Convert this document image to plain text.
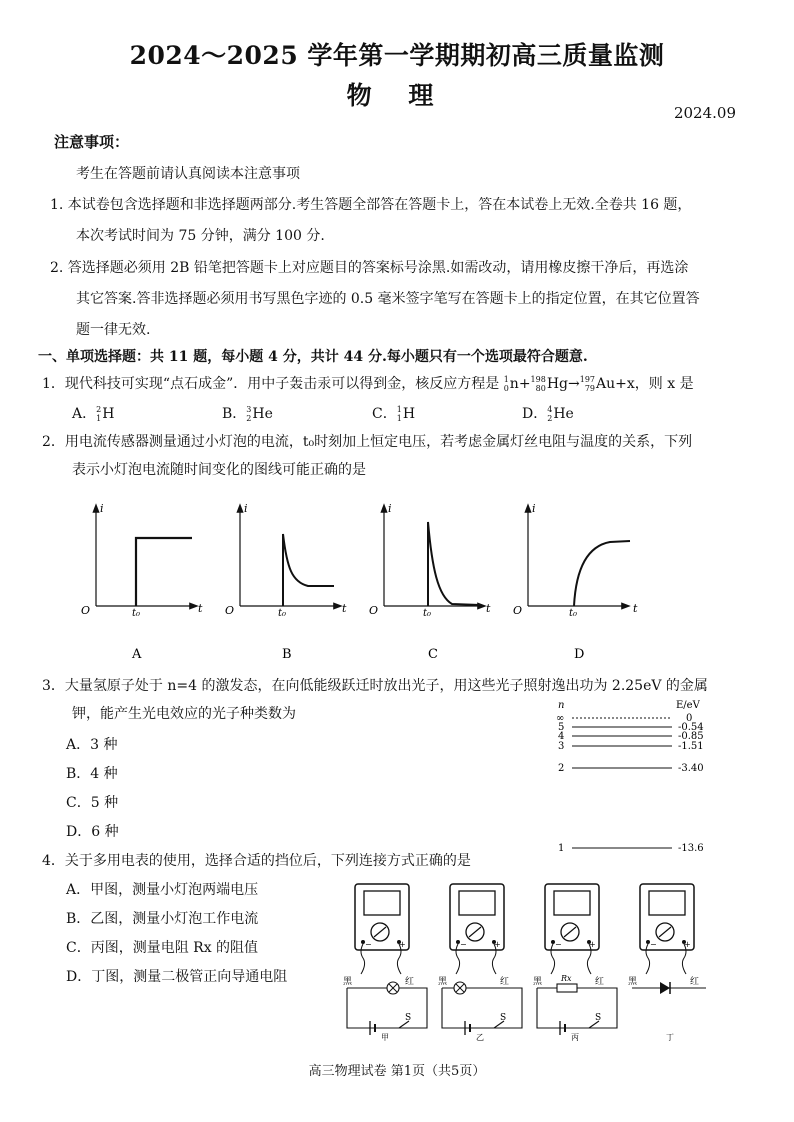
2024～2025 学年第一学期期初高三质量监测
物 理
2024.09
注意事项：
考生在答题前请认真阅读本注意事项
1. 本试卷包含选择题和非选择题两部分.考生答题全部答在答题卡上，答在本试卷上无效.全卷共 16 题，
本次考试时间为 75 分钟，满分 100 分.
2. 答选择题必须用 2B 铅笔把答题卡上对应题目的答案标号涂黑.如需改动，请用橡皮擦干净后，再选涂
其它答案.答非选择题必须用书写黑色字迹的 0.5 毫米签字笔写在答题卡上的指定位置，在其它位置答
题一律无效.
一、单项选择题：共 11 题，每小题 4 分，共计 44 分.每小题只有一个选项最符合题意.
1．现代科技可实现“点石成金”．用中子轰击汞可以得到金，核反应方程是 1
0 n+ 198
80 Hg→ 197
79 Au+x，则 x 是
A． 2
1 H	B． 3
2 He	C． 1
1 H	D． 4
2 He
2．用电流传感器测量通过小灯泡的电流，t₀时刻加上恒定电压，若考虑金属灯丝电阻与温度的关系，下列
表示小灯泡电流随时间变化的图线可能正确的是
i
t
O	t₀
A
i
t
O	t₀
B
i
t
O	t₀
C
i
t
O	t₀
D
3．大量氢原子处于 n=4 的激发态，在向低能级跃迁时放出光子，用这些光子照射逸出功为 2.25eV 的金属
钾，能产生光电效应的光子种类数为
A．3 种
B．4 种
C．5 种
D．6 种
n	E/eV
∞	0
5	-0.54
4	-0.85
3	-1.51
2	-3.40
1	-13.6
4．关于多用电表的使用，选择合适的挡位后，下列连接方式正确的是
A．甲图，测量小灯泡两端电压
B．乙图，测量小灯泡工作电流
C．丙图，测量电阻 Rx 的阻值
D．丁图，测量二极管正向导通电阻
−	+
黑	红
S
甲
−	+
黑	红
S
乙
−	+
黑	红
Rx
S
丙
−	+
黑	红
丁
高三物理试卷 第1页（共5页）
